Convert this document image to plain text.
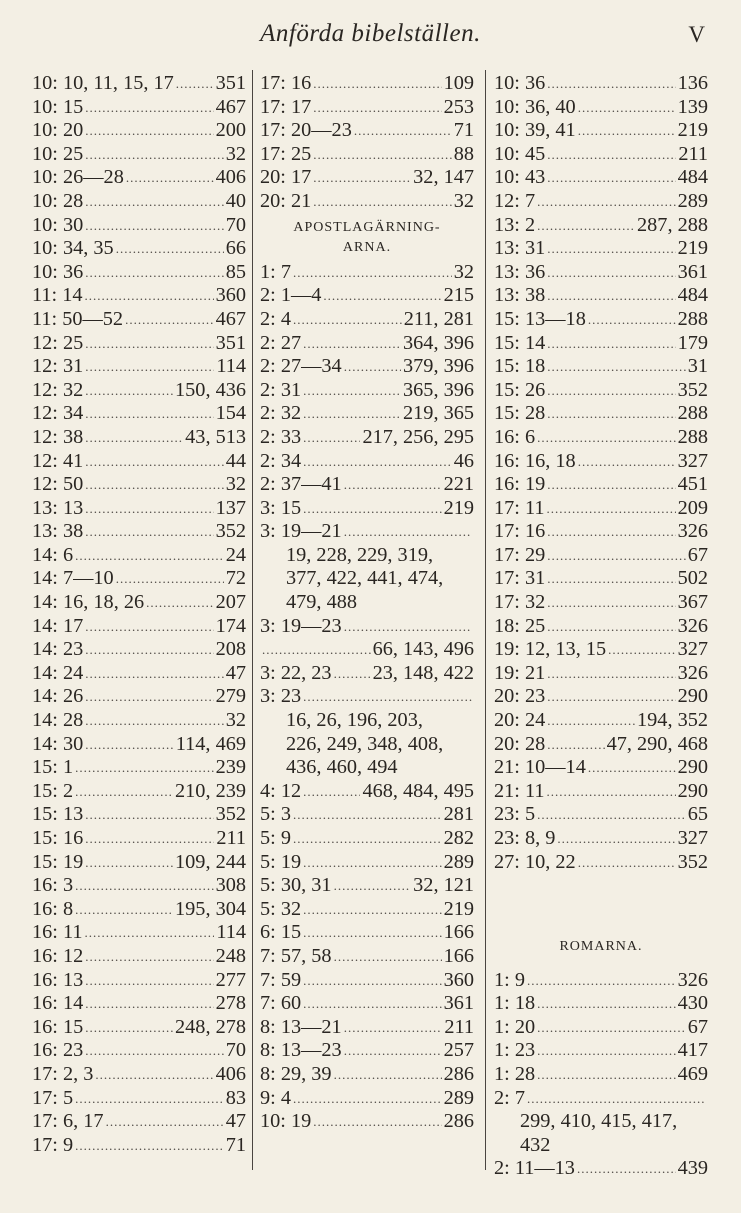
Anförda bibelställen.	V
10: 10, 11, 15, 17 ..... 351
10: 15 .....	467
10: 20 .....	200
10: 25 .....	32
10: 26—28 .....	406
10: 28 .....	40
10: 30 .....	70
10: 34, 35 .....	66
10: 36 .....	85
11: 14 .....	360
11: 50—52 .....	467
12: 25 .....	351
12: 31 .....	114
12: 32 .....	150, 436
12: 34 .....	154
12: 38 .....	43, 513
12: 41 .....	44
12: 50 .....	32
13: 13 .....	137
13: 38 .....	352
14: 6 .....	24
14: 7—10 .....	72
14: 16, 18, 26 .....	207
14: 17 .....	174
14: 23 .....	208
14: 24 .....	47
14: 26 .....	279
14: 28 .....	32
14: 30 .....	114, 469
15: 1 .....	239
15: 2 .....	210, 239
15: 13 .....	352
15: 16 .....	211
15: 19 .....	109, 244
16: 3 .....	308
16: 8 .....	195, 304
16: 11 .....	114
16: 12 .....	248
16: 13 .....	277
16: 14 .....	278
16: 15 .....	248, 278
16: 23 .....	70
17: 2, 3 .....	406
17: 5 .....	83
17: 6, 17 .....	47
17: 9 .....	71
17: 16 .....	109
17: 17 .....	253
17: 20—23 .....	71
17: 25 .....	88
20: 17 .....	32, 147
20: 21 .....	32
APOSTLAGÄRNING-
ARNA.
1: 7 .....	32
2: 1—4 .....	215
2: 4 .....	211, 281
2: 27 .....	364, 396
2: 27—34 .....	379, 396
2: 31 .....	365, 396
2: 32 .....	219, 365
2: 33 .....	217, 256, 295
2: 34 .....	46
2: 37—41 .....	221
3: 15 .....	219
3: 19—21
.....
19, 228, 229, 319,
377, 422, 441, 474,
479, 488
3: 19—23
.....
.....
66, 143, 496
3: 22, 23 ..... 23, 148, 422
3: 23
.....
16, 26, 196, 203,
226, 249, 348, 408,
436, 460, 494
4: 12 .....	468, 484, 495
5: 3 .....	281
5: 9 .....	282
5: 19 .....	289
5: 30, 31 .....	32, 121
5: 32 .....	219
6: 15 .....	166
7: 57, 58 .....	166
7: 59 .....	360
7: 60 .....	361
8: 13—21 .....	211
8: 13—23 .....	257
8: 29, 39 .....	286
9: 4 .....	289
10: 19 .....	286
10: 36 .....	136
10: 36, 40 .....	139
10: 39, 41 .....	219
10: 45 .....	211
10: 43 .....	484
12: 7 .....	289
13: 2 .....	287, 288
13: 31 .....	219
13: 36 .....	361
13: 38 .....	484
15: 13—18 .....	288
15: 14 .....	179
15: 18 .....	31
15: 26 .....	352
15: 28 .....	288
16: 6 .....	288
16: 16, 18 .....	327
16: 19 .....	451
17: 11 .....	209
17: 16 .....	326
17: 29 .....	67
17: 31 .....	502
17: 32 .....	367
18: 25 .....	326
19: 12, 13, 15 .....	327
19: 21 .....	326
20: 23 .....	290
20: 24 .....	194, 352
20: 28 .....	47, 290, 468
21: 10—14 .....	290
21: 11 .....	290
23: 5 .....	65
23: 8, 9 .....	327
27: 10, 22 .....	352
ROMARNA.
1: 9 .....	326
1: 18 .....	430
1: 20 .....	67
1: 23 .....	417
1: 28 .....	469
2: 7
.....
299, 410, 415, 417,
432
2: 11—13 .....	439
